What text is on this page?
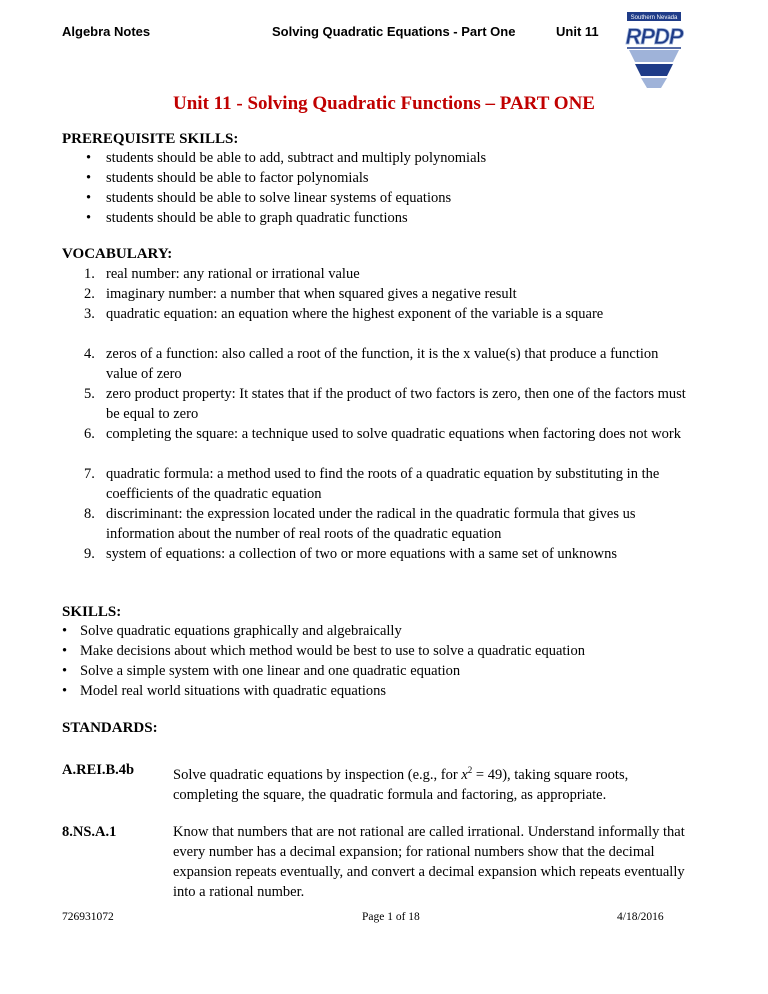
Algebra Notes	Solving Quadratic Equations - Part One	Unit 11
Southern Nevada
RPDP
Unit 11 - Solving Quadratic Functions – PART ONE
PREREQUISITE SKILLS:
• students should be able to add, subtract and multiply polynomials
• students should be able to factor polynomials
• students should be able to solve linear systems of equations
• students should be able to graph quadratic functions
VOCABULARY:
1. real number: any rational or irrational value
2. imaginary number: a number that when squared gives a negative result
3. quadratic equation: an equation where the highest exponent of the variable is a square
4. zeros of a function: also called a root of the function, it is the x value(s) that produce a function value of zero
5. zero product property: It states that if the product of two factors is zero, then one of the factors must be equal to zero
6. completing the square: a technique used to solve quadratic equations when factoring does not work
7. quadratic formula: a method used to find the roots of a quadratic equation by substituting in the coefficients of the quadratic equation
8. discriminant: the expression located under the radical in the quadratic formula that gives us information about the number of real roots of the quadratic equation
9. system of equations: a collection of two or more equations with a same set of unknowns
SKILLS:
• Solve quadratic equations graphically and algebraically
• Make decisions about which method would be best to use to solve a quadratic equation
• Solve a simple system with one linear and one quadratic equation
• Model real world situations with quadratic equations
STANDARDS:
A.REI.B.4b	Solve quadratic equations by inspection (e.g., for $x^2 = 49$), taking square roots, completing the square, the quadratic formula and factoring, as appropriate.
8.NS.A.1	Know that numbers that are not rational are called irrational. Understand informally that every number has a decimal expansion; for rational numbers show that the decimal expansion repeats eventually, and convert a decimal expansion which repeats eventually into a rational number.
726931072	Page 1 of 18	4/18/2016
